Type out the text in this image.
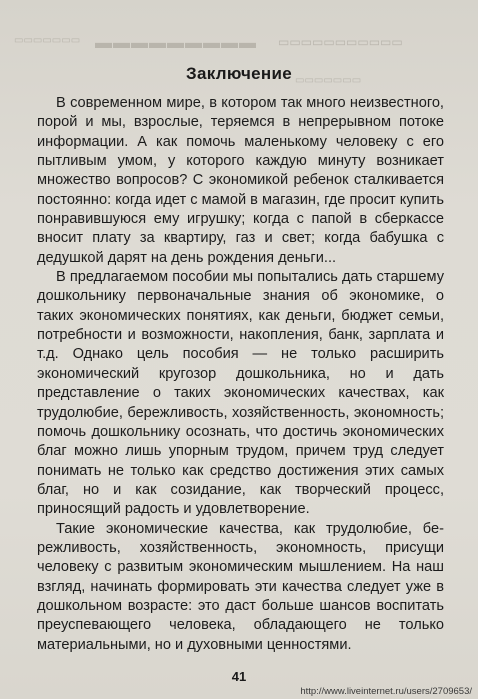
▬▬▬▬▬▬▬▬▬ ▭▭▭▭▭▭▭▭▭▭▭
▭▭▭▭▭▭▭
▭▭▭▭▭▭▭
Заключение

В современном мире, в котором так много неизвестного, порой и мы, взрослые, теряемся в непрерывном потоке информации. А как помочь маленькому человеку с его пытливым умом, у которого каждую минуту возникает множество вопросов? С экономикой ребенок сталкивается постоянно: когда идет с мамой в магазин, где просит купить понравившуюся ему игрушку; когда с папой в сберкассе вносит плату за квартиру, газ и свет; когда бабушка с дедушкой дарят на день рождения деньги...

В предлагаемом пособии мы попытались дать старшему дошкольнику первоначальные знания об экономике, о таких экономических понятиях, как деньги, бюджет семьи, потребности и возможности, накопления, банк, зарплата и т.д. Однако цель пособия — не только расширить экономический кругозор дошкольника, но и дать представление о таких экономических качествах, как трудолюбие, бережливость, хозяйственность, экономность; помочь дошкольнику осознать, что достичь экономических благ можно лишь упорным трудом, причем труд следует понимать не только как средство достижения этих самых благ, но и как созидание, как творческий процесс, приносящий радость и удовлетворение.

Такие экономические качества, как трудолюбие, бережливость, хозяйственность, экономность, присущи человеку с развитым экономическим мышлением. На наш взгляд, начинать формировать эти качества следует уже в дошкольном возрасте: это даст больше шансов воспитать преуспевающего человека, обладающего не только материальными, но и духовными ценностями.

41
http://www.liveinternet.ru/users/2709653/
